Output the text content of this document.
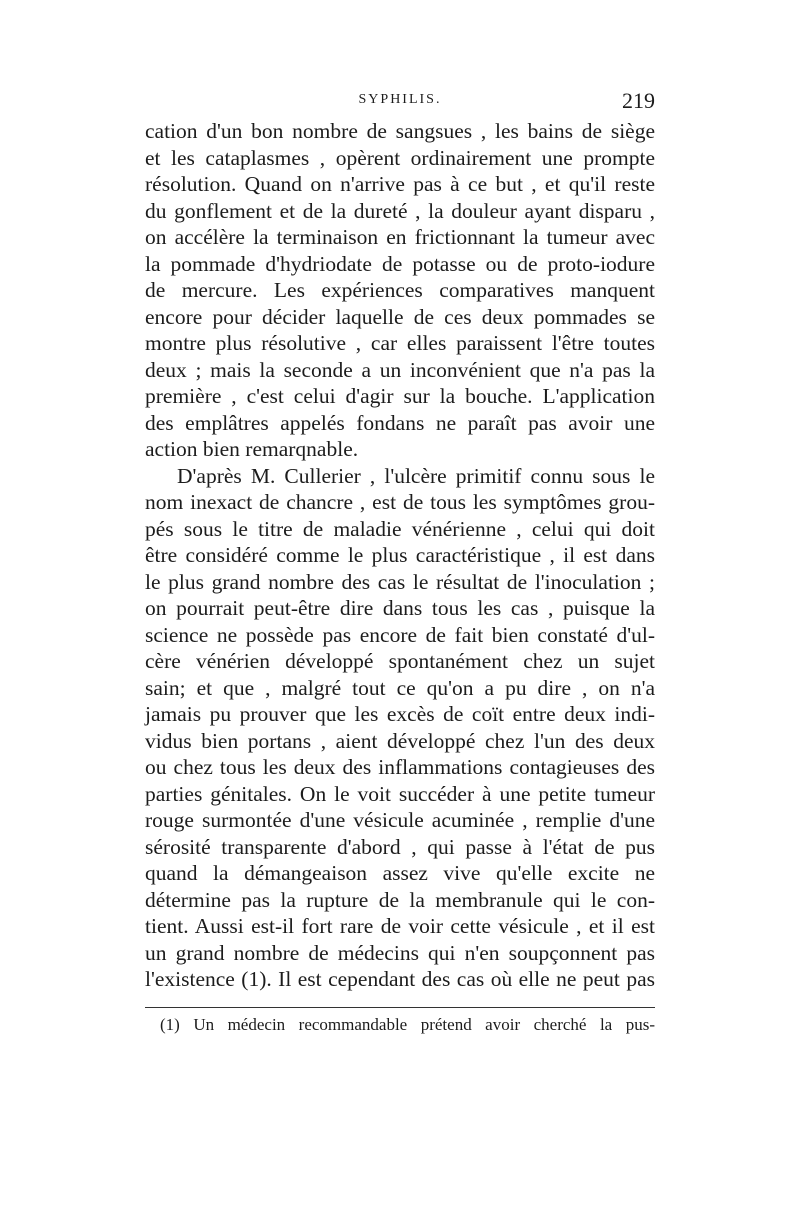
SYPHILIS.	219
cation d'un bon nombre de sangsues , les bains de siège
et les cataplasmes , opèrent ordinairement une prompte
résolution. Quand on n'arrive pas à ce but , et qu'il reste
du gonflement et de la dureté , la douleur ayant disparu ,
on accélère la terminaison en frictionnant la tumeur avec
la pommade d'hydriodate de potasse ou de proto-iodure
de mercure. Les expériences comparatives manquent
encore pour décider laquelle de ces deux pommades se
montre plus résolutive , car elles paraissent l'être toutes
deux ; mais la seconde a un inconvénient que n'a pas la
première , c'est celui d'agir sur la bouche. L'application
des emplâtres appelés fondans ne paraît pas avoir une
action bien remarqnable.
D'après M. Cullerier , l'ulcère primitif connu sous le
nom inexact de chancre , est de tous les symptômes grou-
pés sous le titre de maladie vénérienne , celui qui doit
être considéré comme le plus caractéristique , il est dans
le plus grand nombre des cas le résultat de l'inoculation ;
on pourrait peut-être dire dans tous les cas , puisque la
science ne possède pas encore de fait bien constaté d'ul-
cère vénérien développé spontanément chez un sujet
sain; et que , malgré tout ce qu'on a pu dire , on n'a
jamais pu prouver que les excès de coït entre deux indi-
vidus bien portans , aient développé chez l'un des deux
ou chez tous les deux des inflammations contagieuses des
parties génitales. On le voit succéder à une petite tumeur
rouge surmontée d'une vésicule acuminée , remplie d'une
sérosité transparente d'abord , qui passe à l'état de pus
quand la démangeaison assez vive qu'elle excite ne
détermine pas la rupture de la membranule qui le con-
tient. Aussi est-il fort rare de voir cette vésicule , et il est
un grand nombre de médecins qui n'en soupçonnent pas
l'existence (1). Il est cependant des cas où elle ne peut pas
(1) Un médecin recommandable prétend avoir cherché la pus-
